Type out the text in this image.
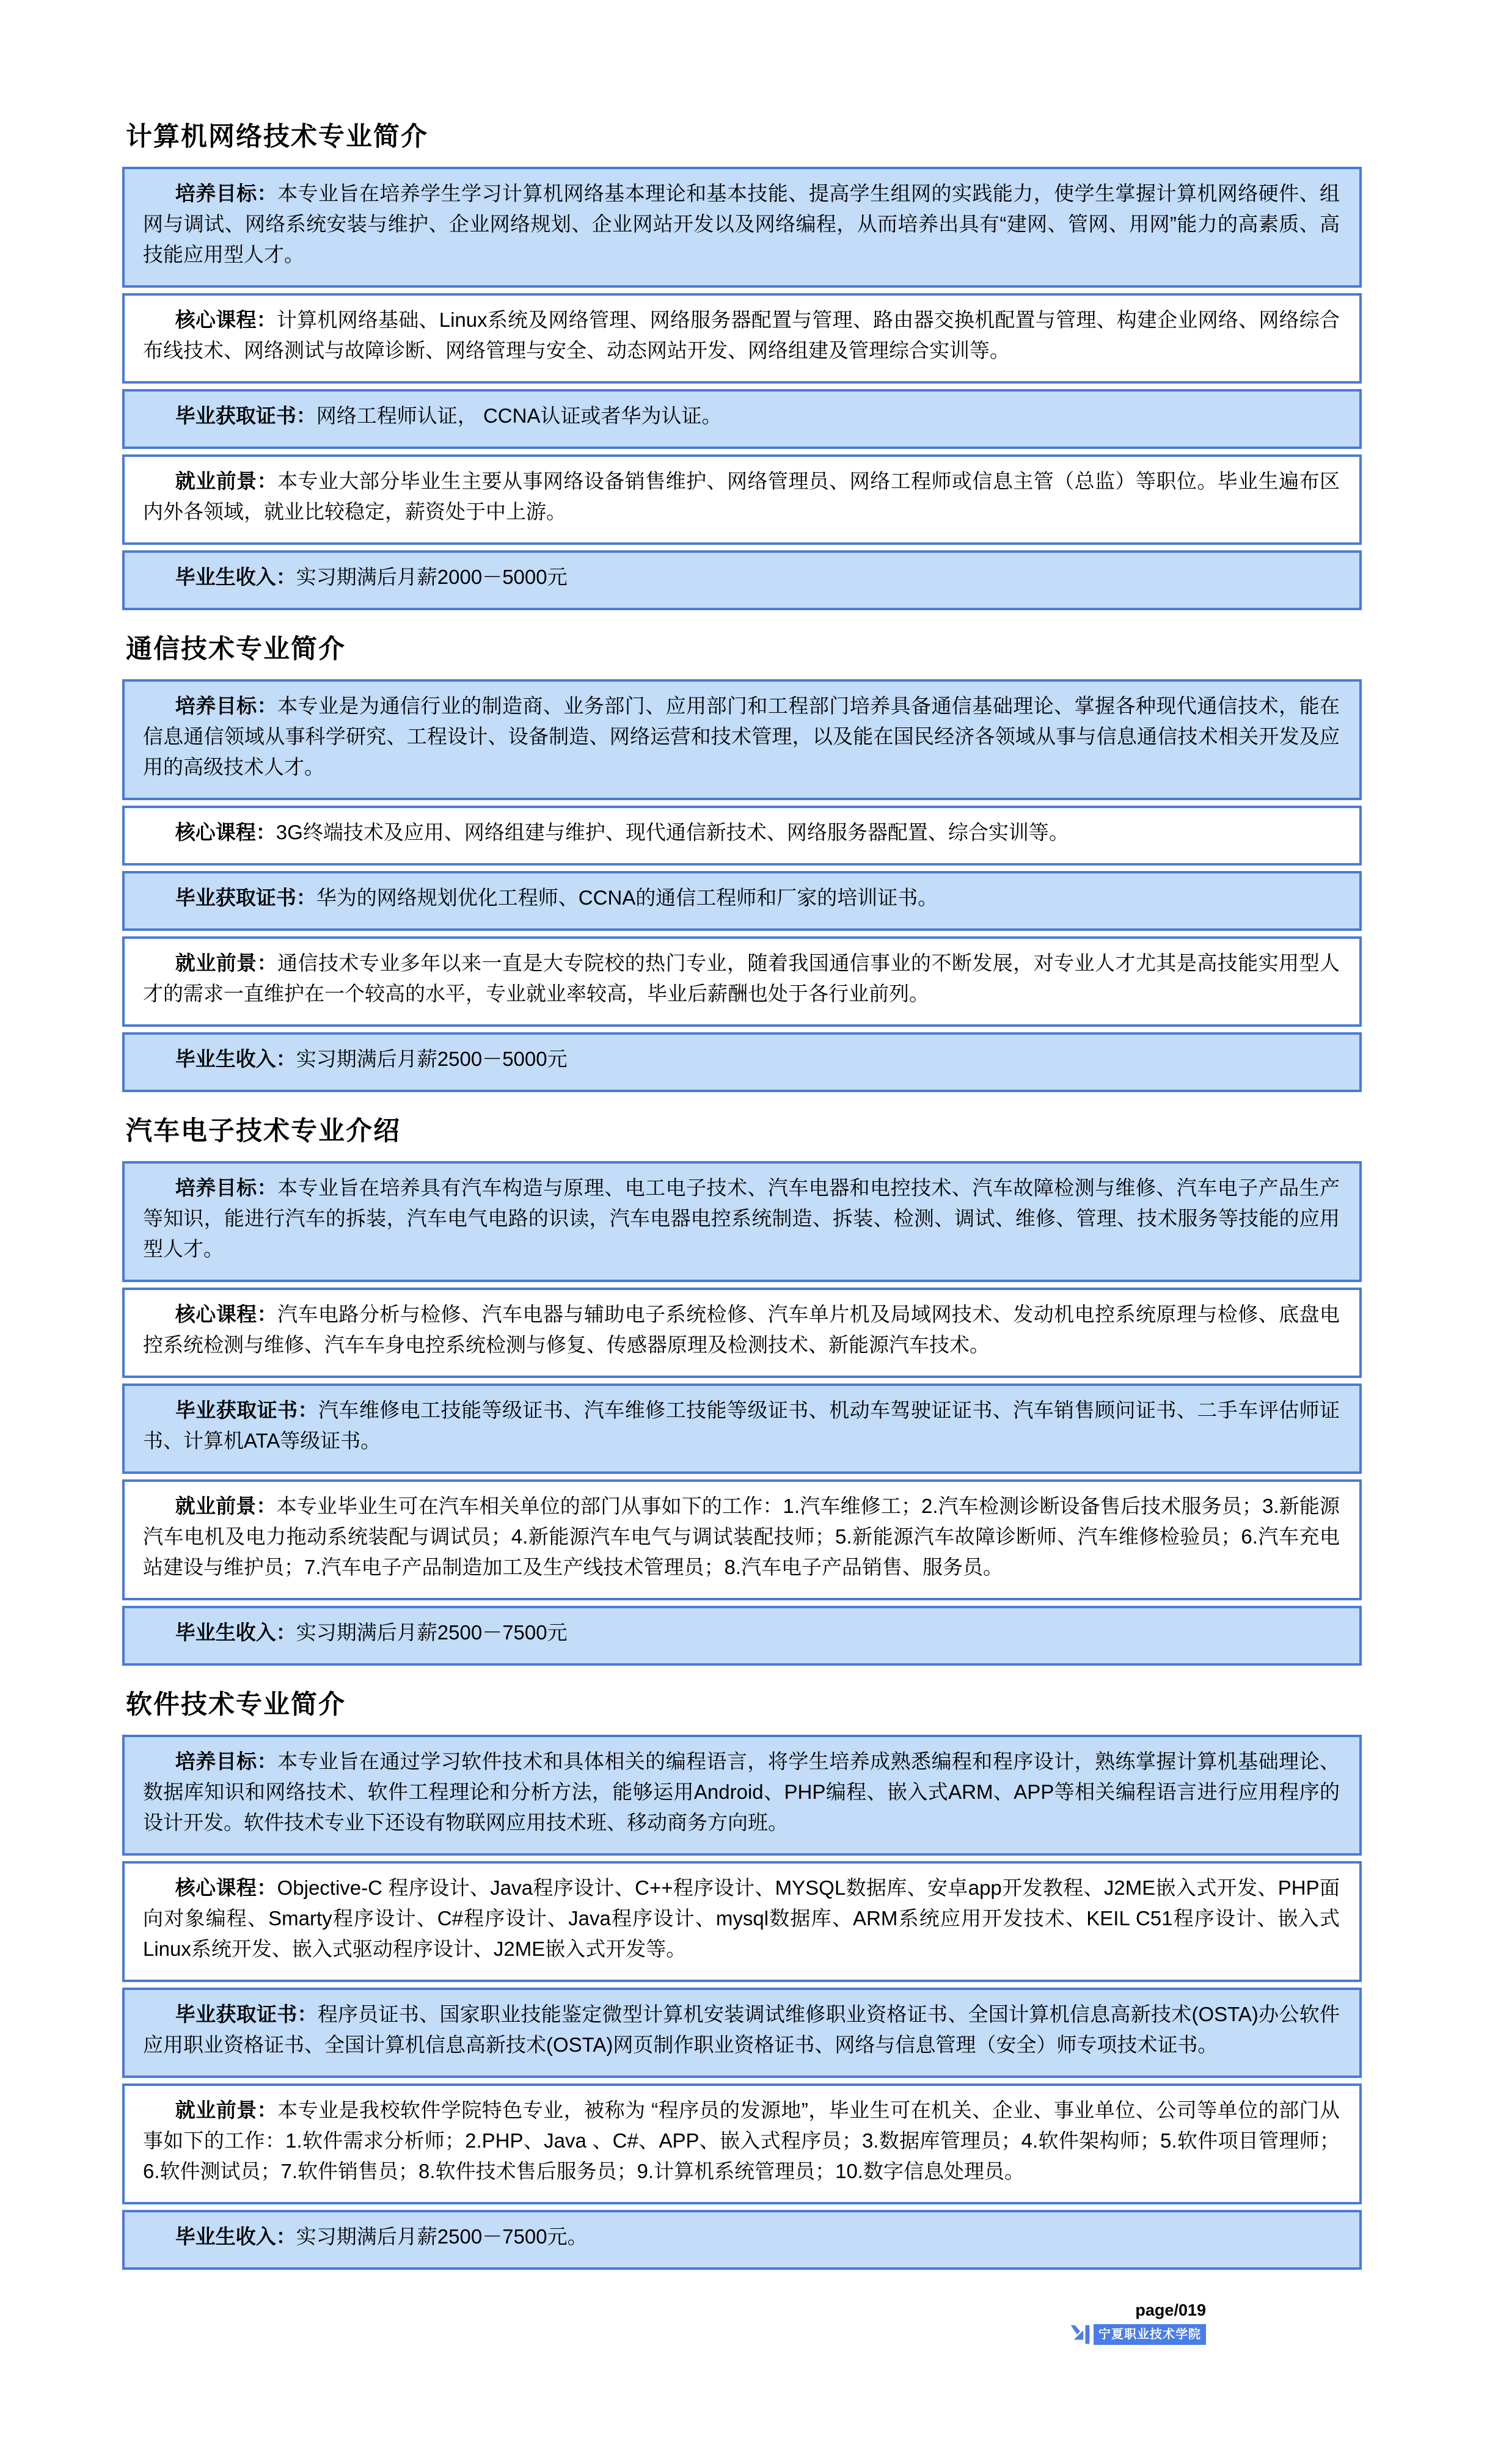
计算机网络技术专业简介

培养目标：本专业旨在培养学生学习计算机网络基本理论和基本技能、提高学生组网的实践能力，使学生掌握计算机网络硬件、组网与调试、网络系统安装与维护、企业网络规划、企业网站开发以及网络编程，从而培养出具有“建网、管网、用网”能力的高素质、高技能应用型人才。

核心课程：计算机网络基础、Linux系统及网络管理、网络服务器配置与管理、路由器交换机配置与管理、构建企业网络、网络综合布线技术、网络测试与故障诊断、网络管理与安全、动态网站开发、网络组建及管理综合实训等。

毕业获取证书：网络工程师认证， CCNA认证或者华为认证。

就业前景：本专业大部分毕业生主要从事网络设备销售维护、网络管理员、网络工程师或信息主管（总监）等职位。毕业生遍布区内外各领域，就业比较稳定，薪资处于中上游。

毕业生收入：实习期满后月薪2000－5000元

通信技术专业简介

培养目标：本专业是为通信行业的制造商、业务部门、应用部门和工程部门培养具备通信基础理论、掌握各种现代通信技术，能在信息通信领域从事科学研究、工程设计、设备制造、网络运营和技术管理，以及能在国民经济各领域从事与信息通信技术相关开发及应用的高级技术人才。

核心课程：3G终端技术及应用、网络组建与维护、现代通信新技术、网络服务器配置、综合实训等。

毕业获取证书：华为的网络规划优化工程师、CCNA的通信工程师和厂家的培训证书。

就业前景：通信技术专业多年以来一直是大专院校的热门专业，随着我国通信事业的不断发展，对专业人才尤其是高技能实用型人才的需求一直维护在一个较高的水平，专业就业率较高，毕业后薪酬也处于各行业前列。

毕业生收入：实习期满后月薪2500－5000元

汽车电子技术专业介绍

培养目标：本专业旨在培养具有汽车构造与原理、电工电子技术、汽车电器和电控技术、汽车故障检测与维修、汽车电子产品生产等知识，能进行汽车的拆装，汽车电气电路的识读，汽车电器电控系统制造、拆装、检测、调试、维修、管理、技术服务等技能的应用型人才。

核心课程：汽车电路分析与检修、汽车电器与辅助电子系统检修、汽车单片机及局域网技术、发动机电控系统原理与检修、底盘电控系统检测与维修、汽车车身电控系统检测与修复、传感器原理及检测技术、新能源汽车技术。

毕业获取证书：汽车维修电工技能等级证书、汽车维修工技能等级证书、机动车驾驶证证书、汽车销售顾问证书、二手车评估师证书、计算机ATA等级证书。

就业前景：本专业毕业生可在汽车相关单位的部门从事如下的工作：1.汽车维修工；2.汽车检测诊断设备售后技术服务员；3.新能源汽车电机及电力拖动系统装配与调试员；4.新能源汽车电气与调试装配技师；5.新能源汽车故障诊断师、汽车维修检验员；6.汽车充电站建设与维护员；7.汽车电子产品制造加工及生产线技术管理员；8.汽车电子产品销售、服务员。

毕业生收入：实习期满后月薪2500－7500元

软件技术专业简介

培养目标：本专业旨在通过学习软件技术和具体相关的编程语言，将学生培养成熟悉编程和程序设计，熟练掌握计算机基础理论、数据库知识和网络技术、软件工程理论和分析方法，能够运用Android、PHP编程、嵌入式ARM、APP等相关编程语言进行应用程序的设计开发。软件技术专业下还设有物联网应用技术班、移动商务方向班。

核心课程：Objective-C 程序设计、Java程序设计、C++程序设计、MYSQL数据库、安卓app开发教程、J2ME嵌入式开发、PHP面向对象编程、Smarty程序设计、C#程序设计、Java程序设计、mysql数据库、ARM系统应用开发技术、KEIL C51程序设计、嵌入式Linux系统开发、嵌入式驱动程序设计、J2ME嵌入式开发等。

毕业获取证书：程序员证书、国家职业技能鉴定微型计算机安装调试维修职业资格证书、全国计算机信息高新技术(OSTA)办公软件应用职业资格证书、全国计算机信息高新技术(OSTA)网页制作职业资格证书、网络与信息管理（安全）师专项技术证书。

就业前景：本专业是我校软件学院特色专业，被称为 “程序员的发源地”，毕业生可在机关、企业、事业单位、公司等单位的部门从事如下的工作：1.软件需求分析师；2.PHP、Java 、C#、APP、嵌入式程序员；3.数据库管理员；4.软件架构师；5.软件项目管理师；6.软件测试员；7.软件销售员；8.软件技术售后服务员；9.计算机系统管理员；10.数字信息处理员。

毕业生收入：实习期满后月薪2500－7500元。

page/019
宁夏职业技术学院
